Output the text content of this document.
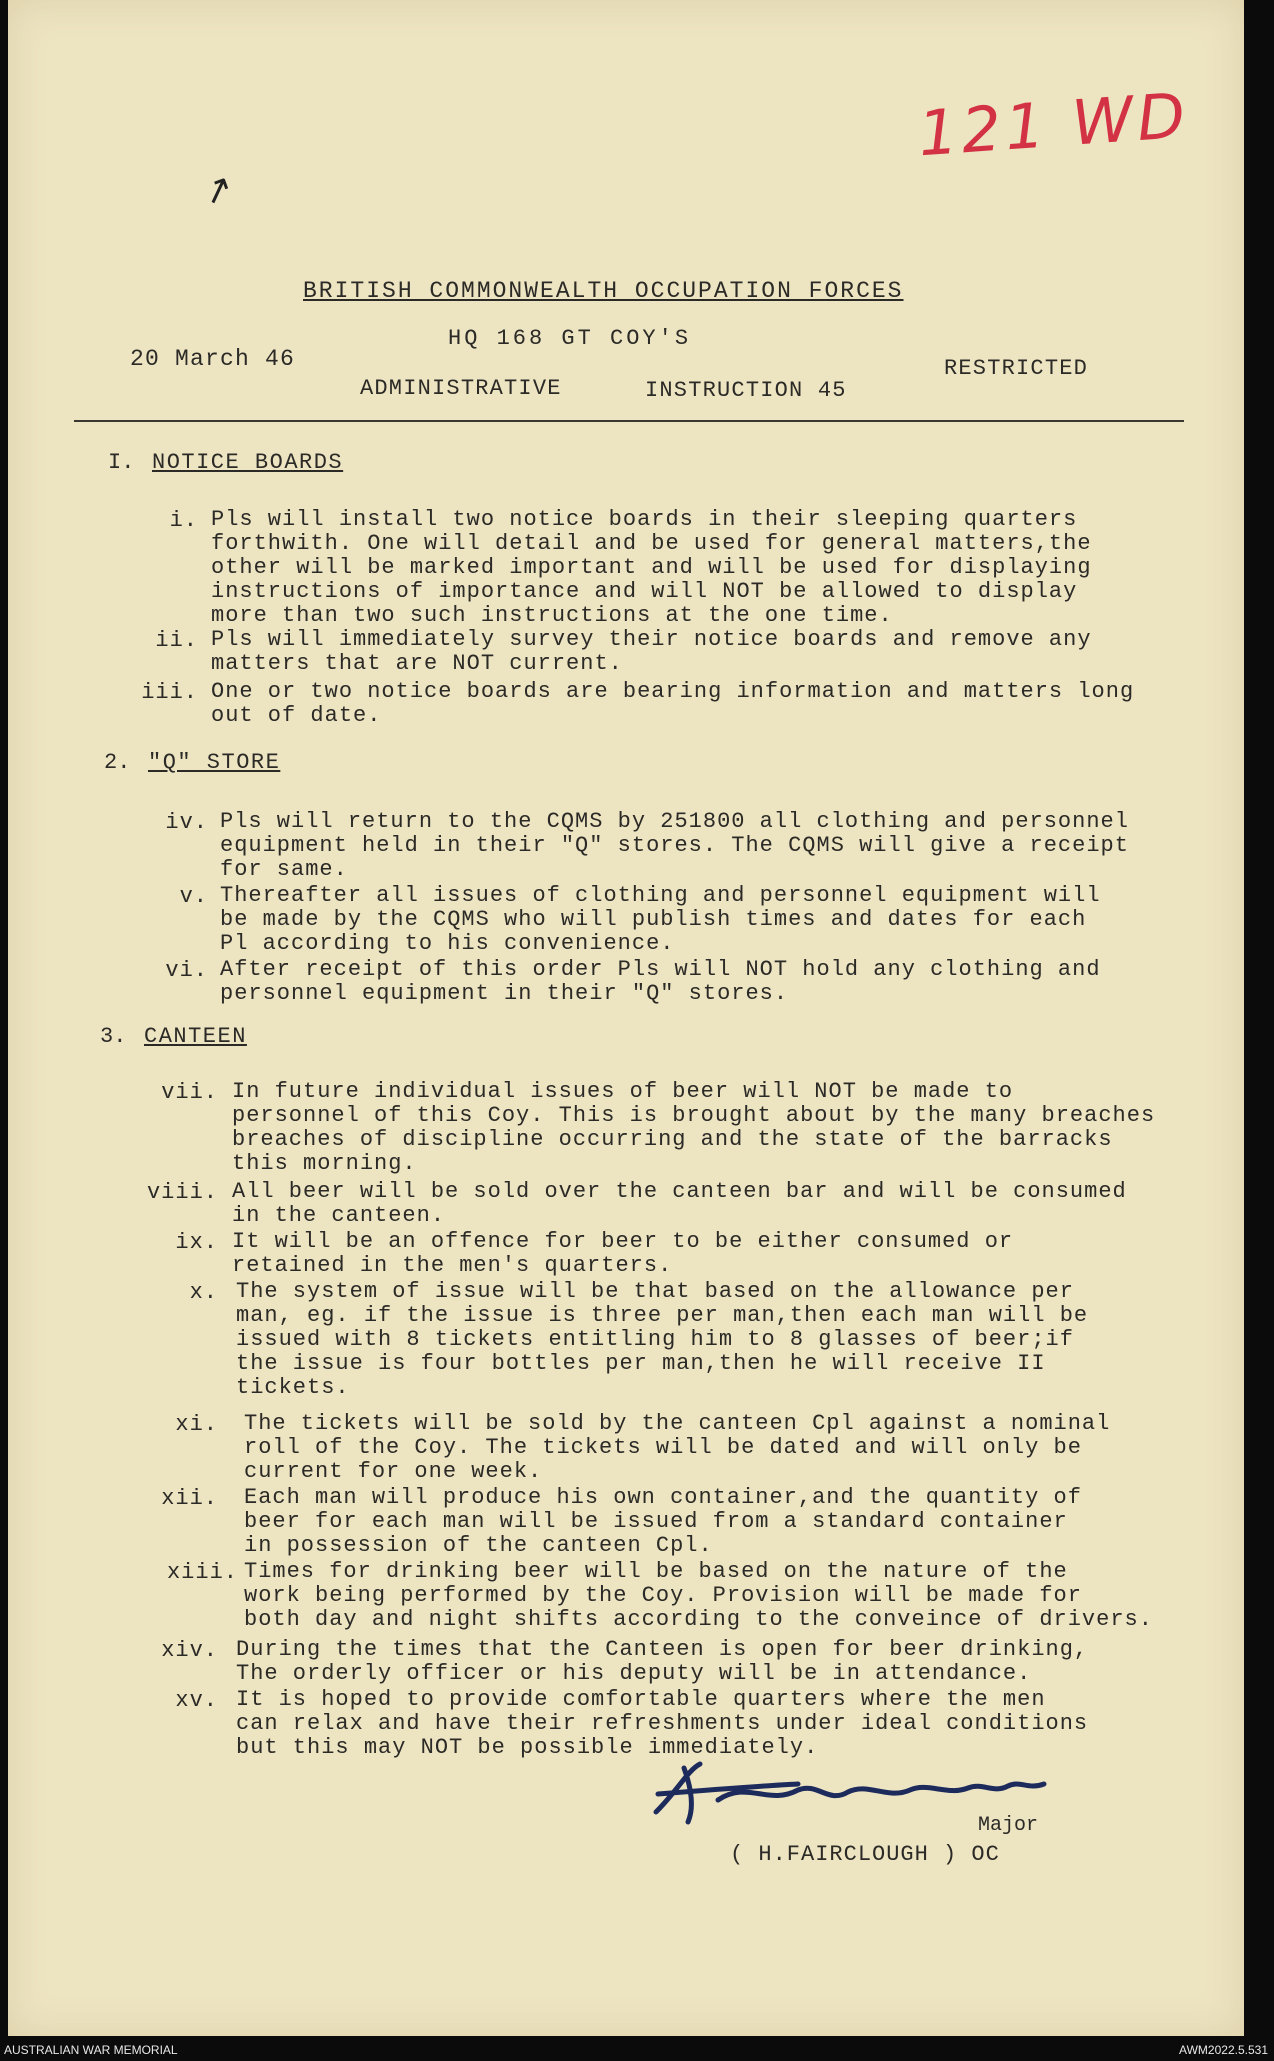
121 WD
↗
BRITISH COMMONWEALTH OCCUPATION FORCES
HQ 168 GT COY'S
20 March 46
ADMINISTRATIVE	INSTRUCTION 45
RESTRICTED
I. NOTICE BOARDS
i. Pls will install two notice boards in their sleeping quarters
forthwith. One will detail and be used for general matters,the
other will be marked important and will be used for displaying
instructions of importance and will NOT be allowed to display
more than two such instructions at the one time.
ii. Pls will immediately survey their notice boards and remove any
matters that are NOT current.
iii. One or two notice boards are bearing information and matters long
out of date.
2. "Q" STORE
iv. Pls will return to the CQMS by 251800 all clothing and personnel
equipment held in their "Q" stores. The CQMS will give a receipt
for same.
v. Thereafter all issues of clothing and personnel equipment will
be made by the CQMS who will publish times and dates for each
Pl according to his convenience.
vi. After receipt of this order Pls will NOT hold any clothing and
personnel equipment in their "Q" stores.
3. CANTEEN
vii. In future individual issues of beer will NOT be made to
personnel of this Coy. This is brought about by the many breaches
breaches of discipline occurring and the state of the barracks
this morning.
viii. All beer will be sold over the canteen bar and will be consumed
in the canteen.
ix. It will be an offence for beer to be either consumed or
retained in the men's quarters.
x. The system of issue will be that based on the allowance per
man, eg. if the issue is three per man,then each man will be
issued with 8 tickets entitling him to 8 glasses of beer;if
the issue is four bottles per man,then he will receive II
tickets.
xi. The tickets will be sold by the canteen Cpl against a nominal
roll of the Coy. The tickets will be dated and will only be
current for one week.
xii. Each man will produce his own container,and the quantity of
beer for each man will be issued from a standard container
in possession of the canteen Cpl.
xiii. Times for drinking beer will be based on the nature of the
work being performed by the Coy. Provision will be made for
both day and night shifts according to the conveince of drivers.
xiv. During the times that the Canteen is open for beer drinking,
The orderly officer or his deputy will be in attendance.
xv. It is hoped to provide comfortable quarters where the men
can relax and have their refreshments under ideal conditions
but this may NOT be possible immediately.
Major
( H.FAIRCLOUGH ) OC
AUSTRALIAN WAR MEMORIAL	AWM2022.5.531
